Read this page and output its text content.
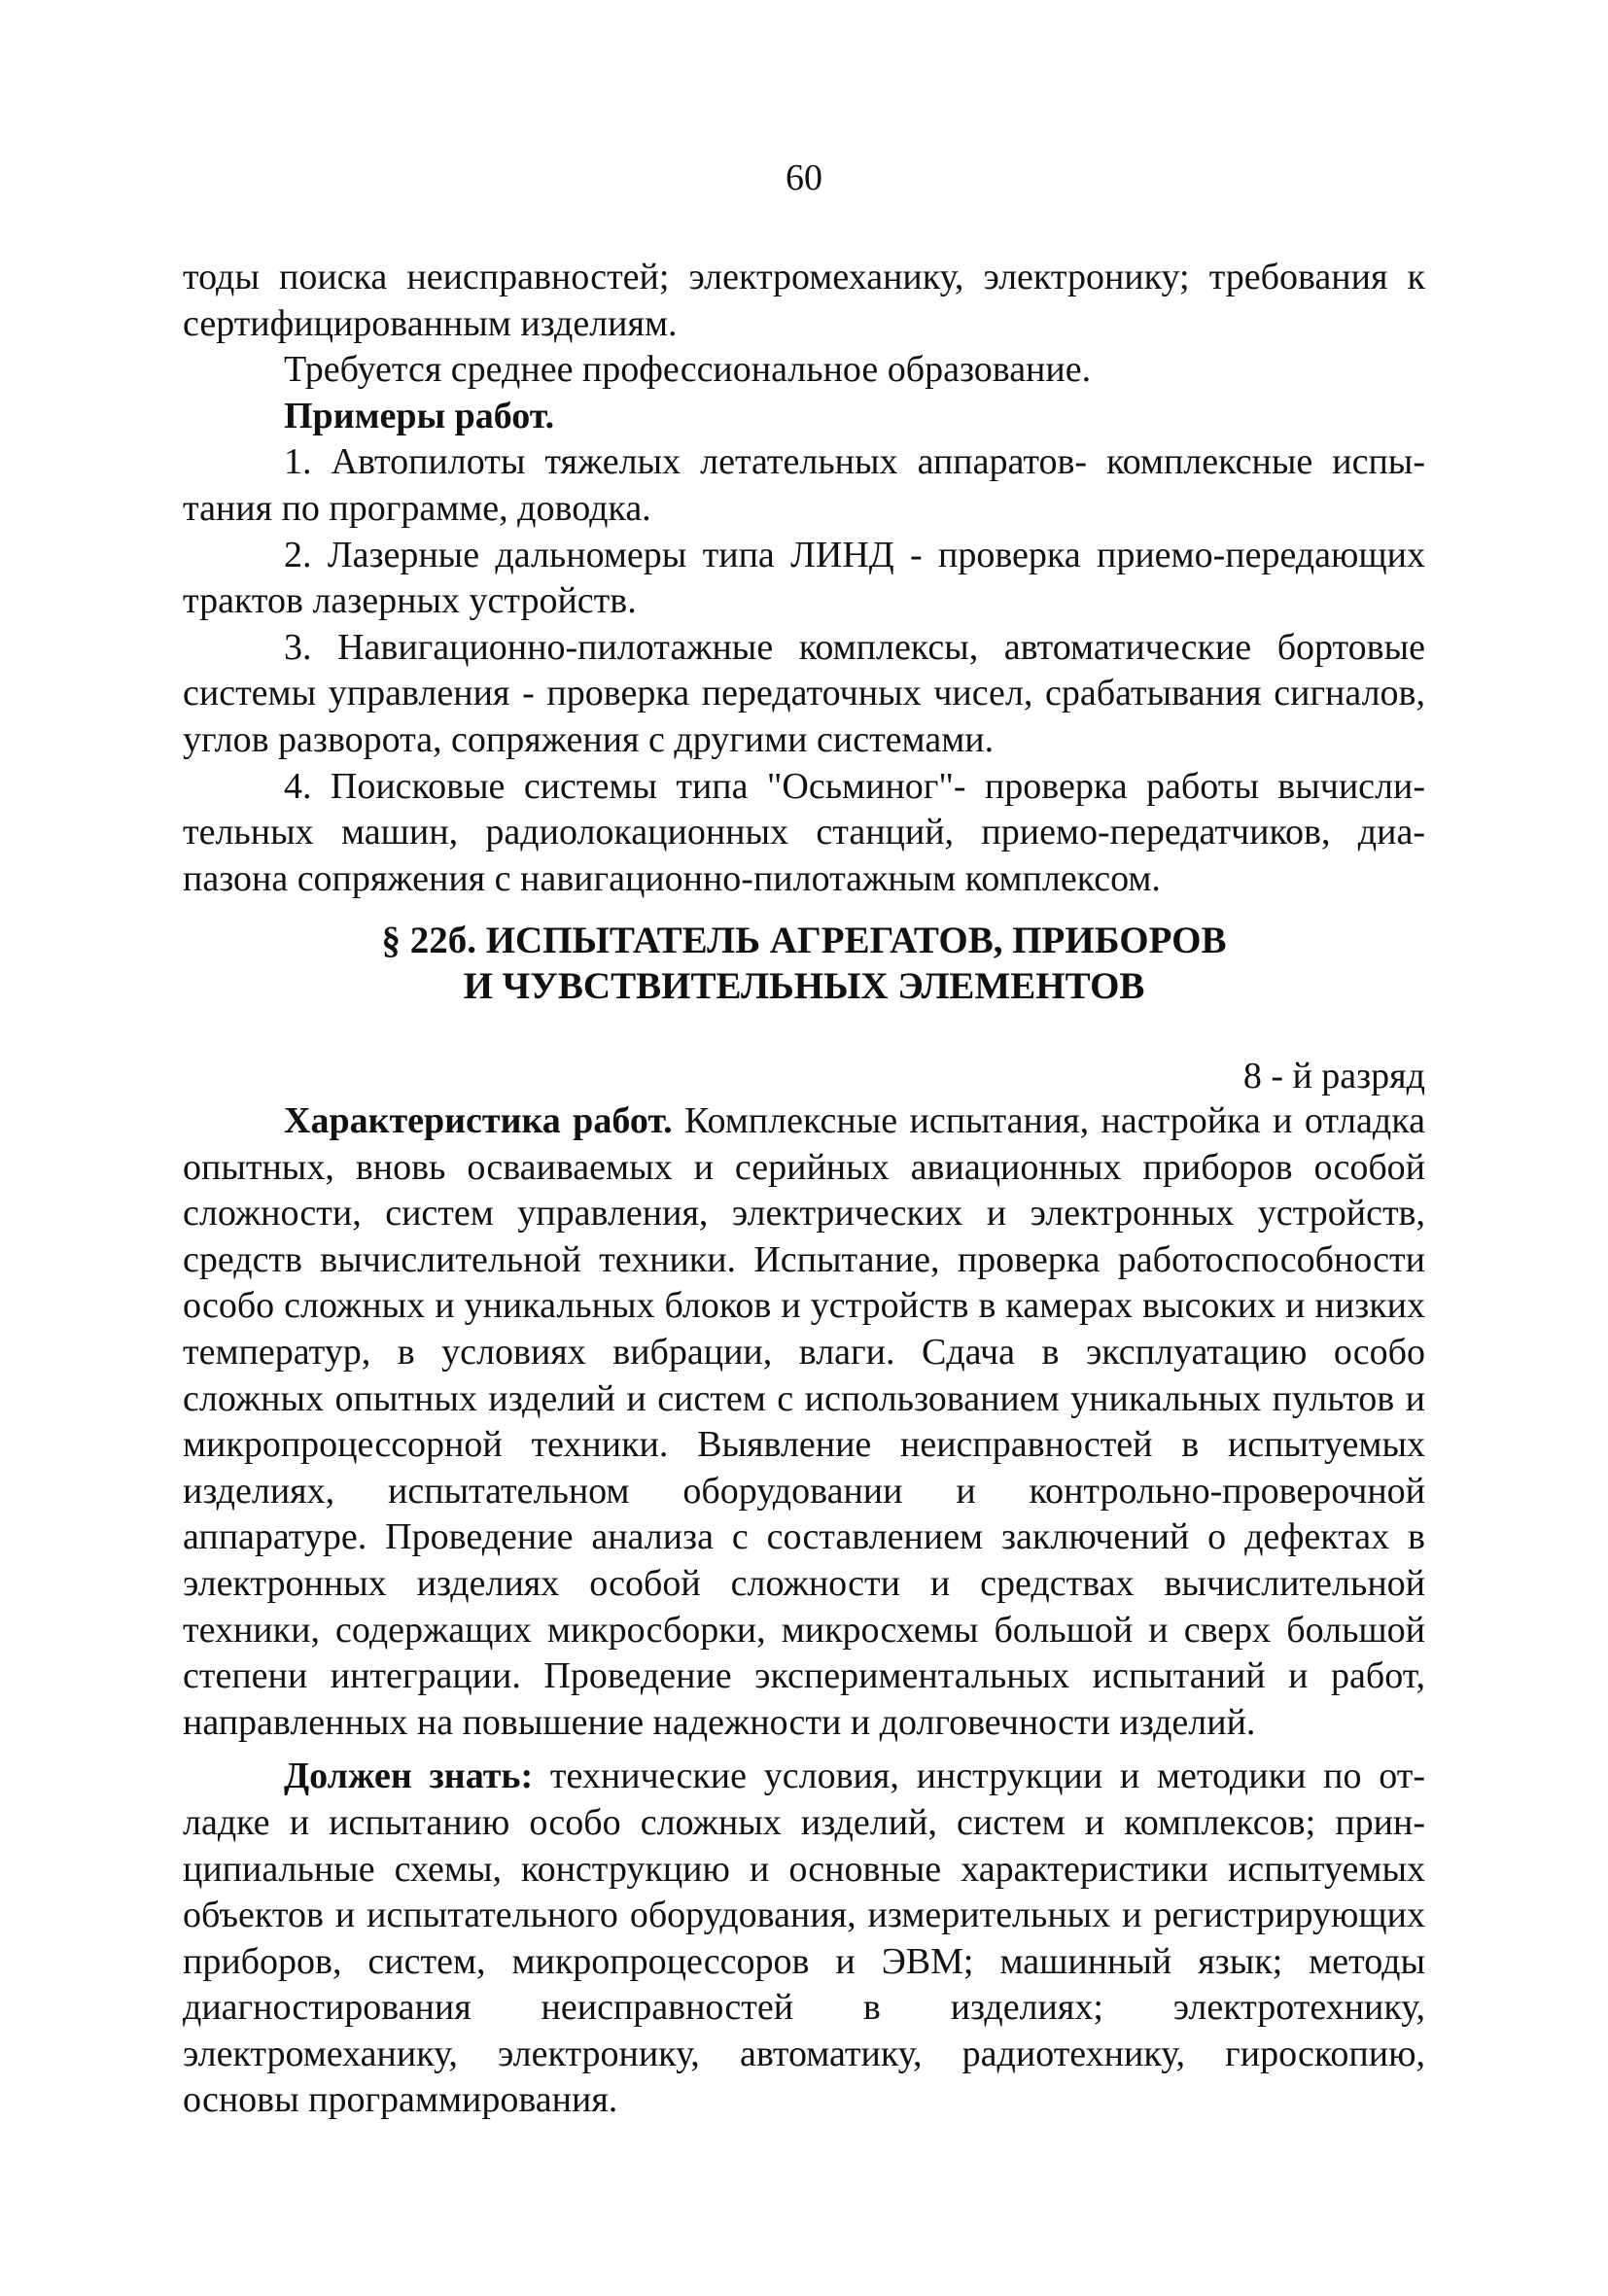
60

тоды поиска неисправностей; электромеханику, электронику; требования к сертифицированным изделиям.

Требуется среднее профессиональное образование.

Примеры работ.

1. Автопилоты тяжелых летательных аппаратов- комплексные испытания по программе, доводка.

2. Лазерные дальномеры типа ЛИНД - проверка приемо-передающих трактов лазерных устройств.

3. Навигационно-пилотажные комплексы, автоматические бортовые системы управления - проверка передаточных чисел, срабатывания сигналов, углов разворота, сопряжения с другими системами.

4. Поисковые системы типа "Осьминог"- проверка работы вычислительных машин, радиолокационных станций, приемо-передатчиков, диапазона сопряжения с навигационно-пилотажным комплексом.

§ 22б. ИСПЫТАТЕЛЬ АГРЕГАТОВ, ПРИБОРОВ
И ЧУВСТВИТЕЛЬНЫХ ЭЛЕМЕНТОВ
8 - й разряд

Характеристика работ. Комплексные испытания, настройка и отладка опытных, вновь осваиваемых и серийных авиационных приборов особой сложности, систем управления, электрических и электронных устройств, средств вычислительной техники. Испытание, проверка работоспособности особо сложных и уникальных блоков и устройств в камерах высоких и низких температур, в условиях вибрации, влаги. Сдача в эксплуатацию особо сложных опытных изделий и систем с использованием уникальных пультов и микропроцессорной техники. Выявление неисправностей в испытуемых изделиях, испытательном оборудовании и контрольно-проверочной аппаратуре. Проведение анализа с составлением заключений о дефектах в электронных изделиях особой сложности и средствах вычислительной техники, содержащих микросборки, микросхемы большой и сверх большой степени интеграции. Проведение экспериментальных испытаний и работ, направленных на повышение надежности и долговечности изделий.

Должен знать: технические условия, инструкции и методики по отладке и испытанию особо сложных изделий, систем и комплексов; принципиальные схемы, конструкцию и основные характеристики испытуемых объектов и испытательного оборудования, измерительных и регистрирующих приборов, систем, микропроцессоров и ЭВМ; машинный язык; методы диагностирования неисправностей в изделиях; электротехнику, электромеханику, электронику, автоматику, радиотехнику, гироскопию, основы программирования.
